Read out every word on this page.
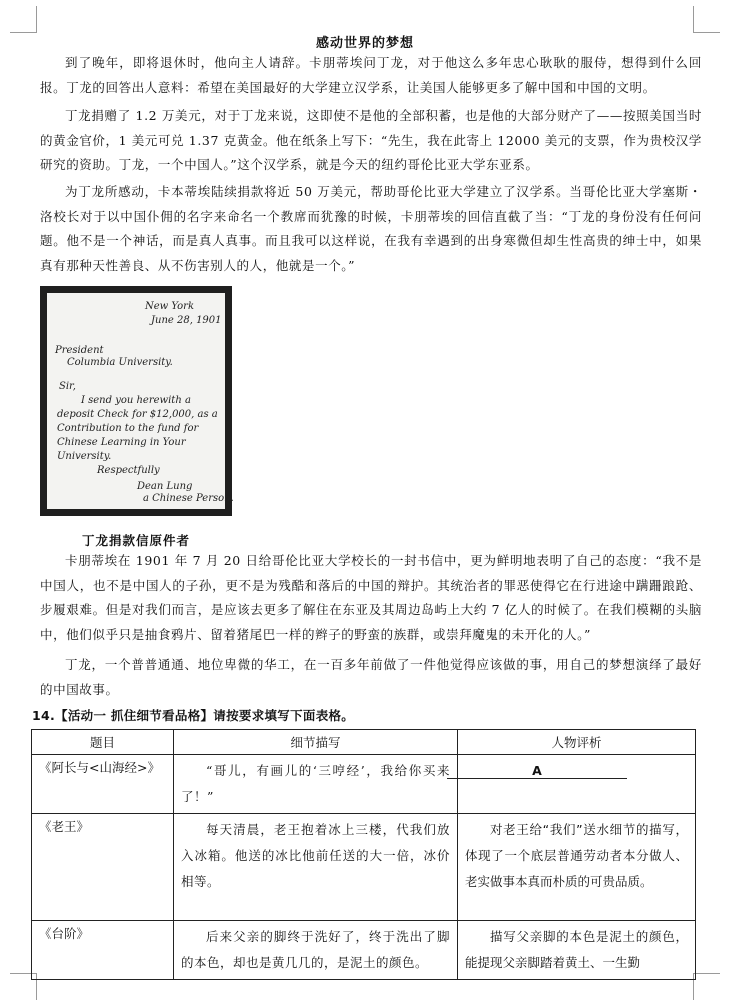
感动世界的梦想

到了晚年，即将退休时，他向主人请辞。卡朋蒂埃问丁龙，对于他这么多年忠心耿耿的服侍，想得到什么回报。丁龙的回答出人意料：希望在美国最好的大学建立汉学系，让美国人能够更多了解中国和中国的文明。

丁龙捐赠了 1.2 万美元，对于丁龙来说，这即使不是他的全部积蓄，也是他的大部分财产了——按照美国当时的黄金官价，1 美元可兑 1.37 克黄金。他在纸条上写下：“先生，我在此寄上 12000 美元的支票，作为贵校汉学研究的资助。丁龙，一个中国人。”这个汉学系，就是今天的纽约哥伦比亚大学东亚系。

为丁龙所感动，卡本蒂埃陆续捐款将近 50 万美元，帮助哥伦比亚大学建立了汉学系。当哥伦比亚大学塞斯・洛校长对于以中国仆佣的名字来命名一个教席而犹豫的时候，卡朋蒂埃的回信直截了当：“丁龙的身份没有任何问题。他不是一个神话，而是真人真事。而且我可以这样说，在我有幸遇到的出身寒微但却生性高贵的绅士中，如果真有那种天性善良、从不伤害别人的人，他就是一个。”

New York
June 28, 1901
President
Columbia University.
Sir,
I send you herewith a
deposit Check for $12,000, as a
Contribution to the fund for
Chinese Learning in Your
University.
Respectfully
Dean Lung
a Chinese Person.
丁龙捐款信原件者

卡朋蒂埃在 1901 年 7 月 20 日给哥伦比亚大学校长的一封书信中，更为鲜明地表明了自己的态度：“我不是中国人，也不是中国人的子孙，更不是为残酷和落后的中国的辩护。其统治者的罪恶使得它在行进途中蹒跚踉跄、步履艰难。但是对我们而言，是应该去更多了解住在东亚及其周边岛屿上大约 7 亿人的时候了。在我们模糊的头脑中，他们似乎只是抽食鸦片、留着猪尾巴一样的辫子的野蛮的族群，或崇拜魔鬼的未开化的人。”

丁龙，一个普普通通、地位卑微的华工，在一百多年前做了一件他觉得应该做的事，用自己的梦想演绎了最好的中国故事。

14.【活动一 抓住细节看品格】请按要求填写下面表格。
题目	细节描写	人物评析
《阿长与<山海经>》	“哥儿，有画儿的‘三哼经’，我给你买来了！”	A

《老王》	每天清晨，老王抱着冰上三楼，代我们放入冰箱。他送的冰比他前任送的大一倍，冰价相等。	对老王给“我们”送水细节的描写，体现了一个底层普通劳动者本分做人、老实做事本真而朴质的可贵品质。
《台阶》	后来父亲的脚终于洗好了，终于洗出了脚的本色，却也是黄几几的，是泥土的颜色。	描写父亲脚的本色是泥土的颜色，能提现父亲脚踏着黄土、一生勤
